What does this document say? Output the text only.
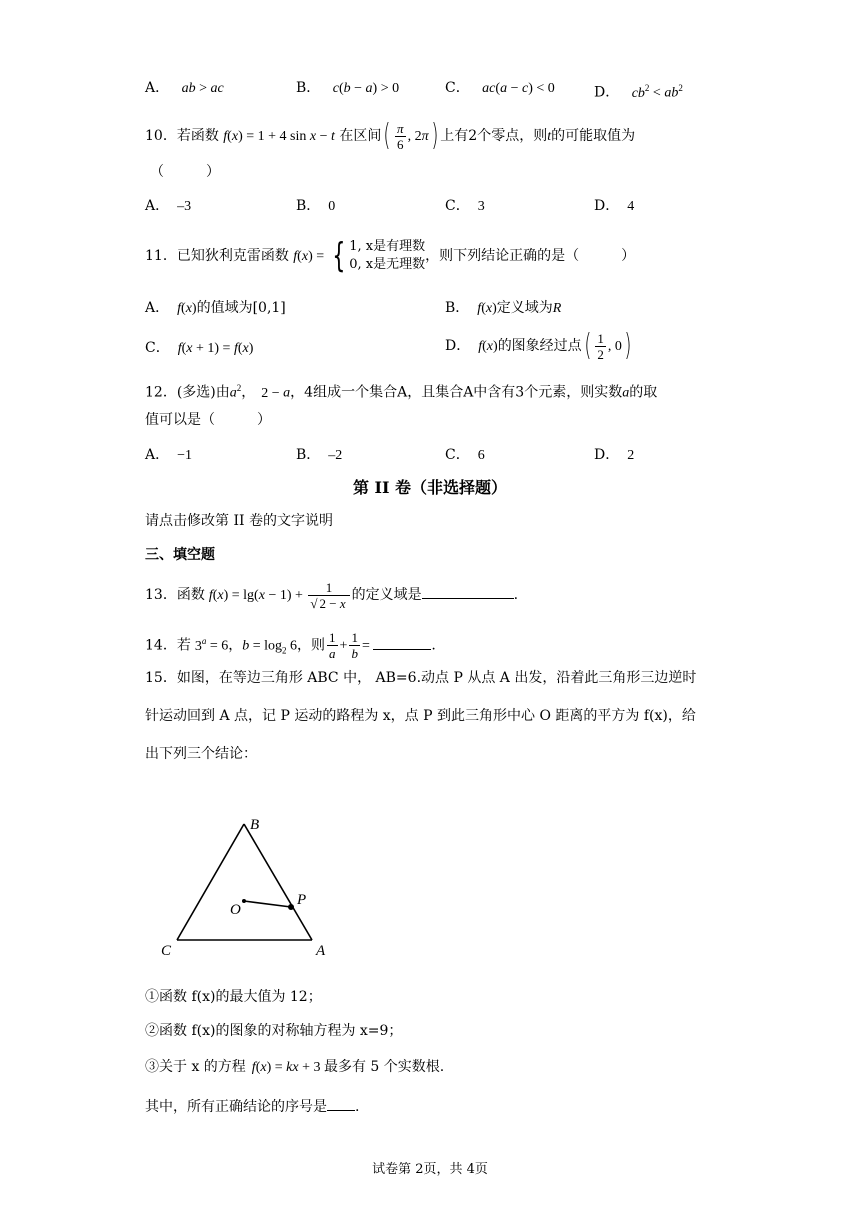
A． ab > ac	B． c(b − a) > 0	C． ac(a − c) < 0	D． $cb^2 < ab^2$
10．若函数 f(x) = 1 + 4 sin x − t 在区间( $\frac{\pi}{6}$ , 2π) 上有2个零点，则t的可能取值为
（　　　）
A． –3	B． 0	C． 3	D． 4
11．已知狄利克雷函数 f(x) = { 1, x是有理数
0, x是无理数
，则下列结论正确的是（　　　）
A． f(x)的值域为[0,1]	B． f(x)定义域为R
C． f(x + 1) = f(x)	D． f(x)的图象经过点( $\frac{1}{2}$ , 0)
12．(多选)由$a^2$， 2 − a，4组成一个集合A，且集合A中含有3个元素，则实数a的取
值可以是（　　　）
A． −1	B． –2	C． 6	D． 2
第 II 卷（非选择题）
请点击修改第 II 卷的文字说明
三、填空题
13．函数 $f(x) = \lg(x - 1) + \frac{1}{√ 2 - x}$ 的定义域是	.
14．若 $3^a = 6$，$b = \log_2 6$，则 $\frac{1}{a} + \frac{1}{b}$ =	.
15．如图，在等边三角形 ABC 中， AB=6.动点 P 从点 A 出发，沿着此三角形三边逆时
针运动回到 A 点，记 P 运动的路程为 x，点 P 到此三角形中心 O 距离的平方为 f(x)，给
出下列三个结论：
B
P
O
C	A
①函数 f(x)的最大值为 12；
②函数 f(x)的图象的对称轴方程为 x=9；
③关于 x 的方程 f(x) = kx + 3 最多有 5 个实数根.
其中，所有正确结论的序号是 .
试卷第 2页，共 4页
